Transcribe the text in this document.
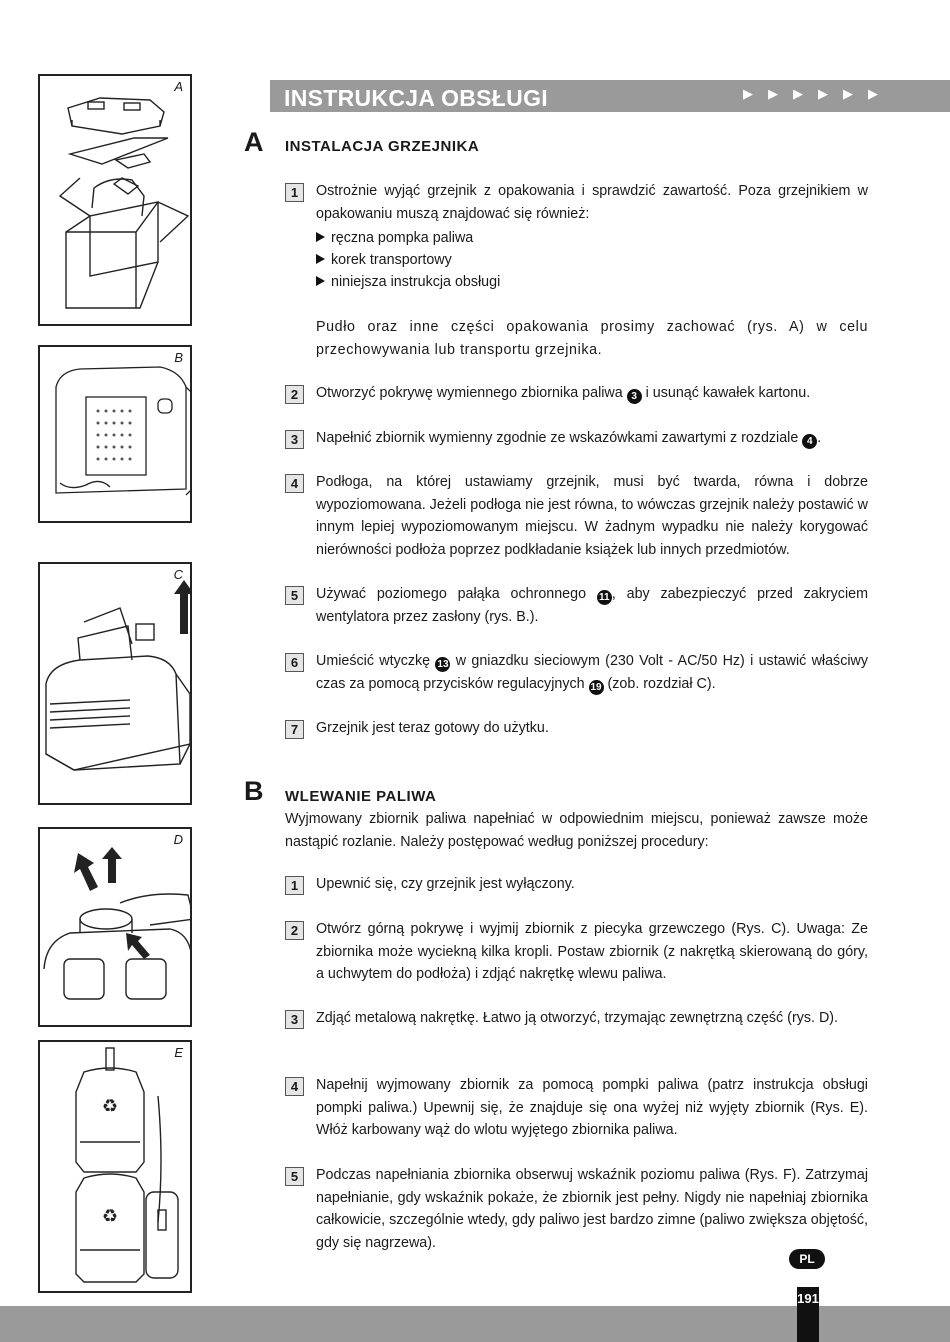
A
B
C
D
E
♻
♻
INSTRUKCJA OBSŁUGI	▶ ▶ ▶ ▶ ▶ ▶
A INSTALACJA GRZEJNIKA
1	Ostrożnie wyjąć grzejnik z opakowania i sprawdzić zawartość. Poza grzejnikiem w opakowaniu muszą znajdować się również:

ręczna pompka paliwa
korek transportowy
niniejsza instrukcja obsługi

Pudło oraz inne części opakowania prosimy zachować (rys. A) w celu przechowywania lub transportu grzejnika.

2	Otworzyć pokrywę wymiennego zbiornika paliwa 3 i usunąć kawałek kartonu.

3	Napełnić zbiornik wymienny zgodnie ze wskazówkami zawartymi z rozdziale 4 .

4	Podłoga, na której ustawiamy grzejnik, musi być twarda, równa i dobrze wypoziomowana. Jeżeli podłoga nie jest równa, to wówczas grzejnik należy postawić w innym lepiej wypoziomowanym miejscu. W żadnym wypadku nie należy korygować nierówności podłoża poprzez podkładanie książek lub innych przedmiotów.

5	Używać poziomego pałąka ochronnego 11 , aby zabezpieczyć przed zakryciem wentylatora przez zasłony (rys. B.).

6	Umieścić wtyczkę 13 w gniazdku sieciowym (230 Volt - AC/50 Hz) i ustawić właściwy czas za pomocą przycisków regulacyjnych 19 (zob. rozdział C).

7	Grzejnik jest teraz gotowy do użytku.

B WLEWANIE PALIWA

Wyjmowany zbiornik paliwa napełniać w odpowiednim miejscu, ponieważ zawsze może nastąpić rozlanie. Należy postępować według poniższej procedury:

1	Upewnić się, czy grzejnik jest wyłączony.

2	Otwórz górną pokrywę i wyjmij zbiornik z piecyka grzewczego (Rys. C). Uwaga: Ze zbiornika może wyciekną kilka kropli. Postaw zbiornik (z nakrętką skierowaną do góry, a uchwytem do podłoża) i zdjąć nakrętkę wlewu paliwa.

3	Zdjąć metalową nakrętkę. Łatwo ją otworzyć, trzymając zewnętrzną część (rys. D).

4	Napełnij wyjmowany zbiornik za pomocą pompki paliwa (patrz instrukcja obsługi pompki paliwa.) Upewnij się, że znajduje się ona wyżej niż wyjęty zbiornik (Rys. E). Włóż karbowany wąż do wlotu wyjętego zbiornika paliwa.

5	Podczas napełniania zbiornika obserwuj wskaźnik poziomu paliwa (Rys. F). Zatrzymaj napełnianie, gdy wskaźnik pokaże, że zbiornik jest pełny. Nigdy nie napełniaj zbiornika całkowicie, szczególnie wtedy, gdy paliwo jest bardzo zimne (paliwo zwiększa objętość, gdy się nagrzewa).

PL
191
